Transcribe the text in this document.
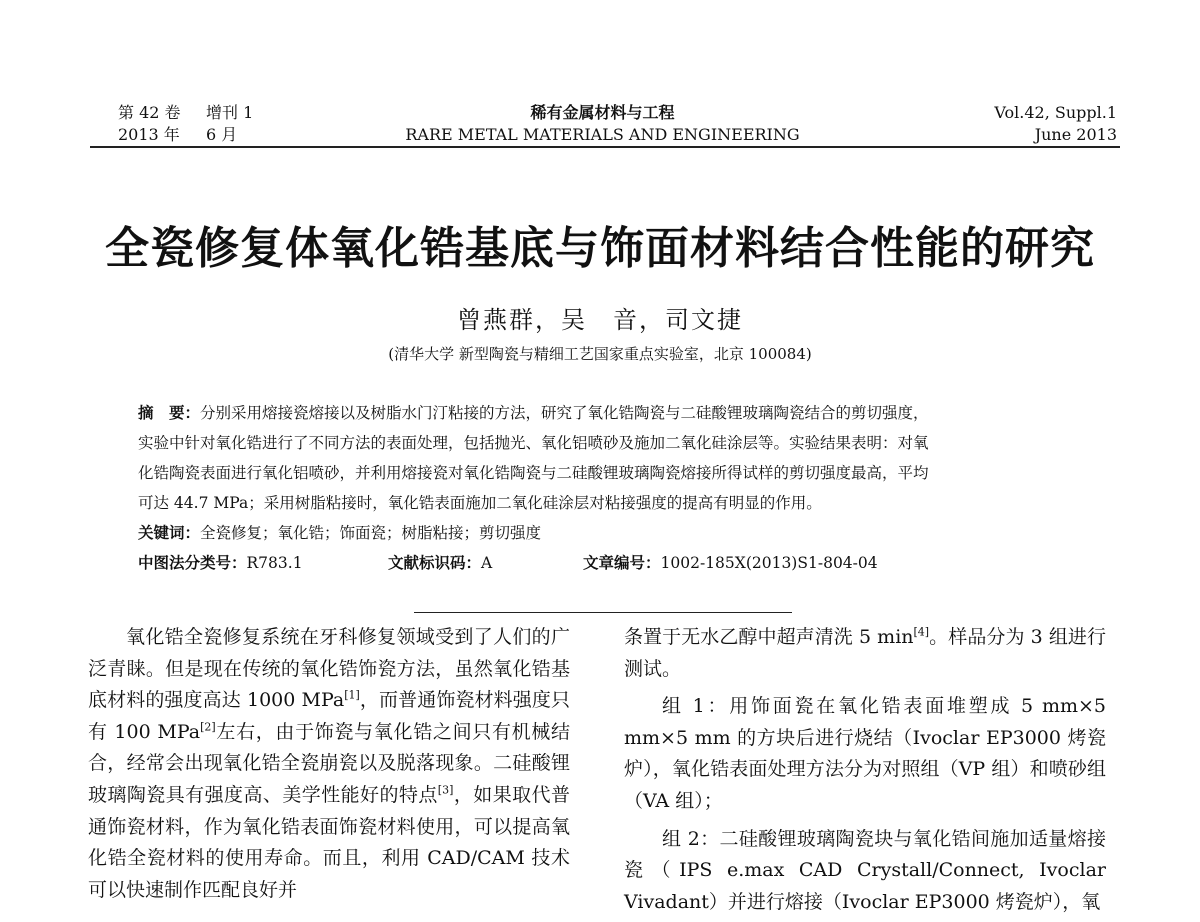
第 42 卷 增刊 1
2013 年 6 月
稀有金属材料与工程
RARE METAL MATERIALS AND ENGINEERING
Vol.42, Suppl.1
June 2013
全瓷修复体氧化锆基底与饰面材料结合性能的研究
曾燕群，吴　音，司文捷
(清华大学 新型陶瓷与精细工艺国家重点实验室，北京 100084)
摘　要：分别采用熔接瓷熔接以及树脂水门汀粘接的方法，研究了氧化锆陶瓷与二硅酸锂玻璃陶瓷结合的剪切强度，
实验中针对氧化锆进行了不同方法的表面处理，包括抛光、氧化铝喷砂及施加二氧化硅涂层等。实验结果表明：对氧
化锆陶瓷表面进行氧化铝喷砂，并利用熔接瓷对氧化锆陶瓷与二硅酸锂玻璃陶瓷熔接所得试样的剪切强度最高，平均
可达 44.7 MPa；采用树脂粘接时，氧化锆表面施加二氧化硅涂层对粘接强度的提高有明显的作用。
关键词：全瓷修复；氧化锆；饰面瓷；树脂粘接；剪切强度
中图法分类号：R783.1	文献标识码：A	文章编号：1002-185X(2013)S1-804-04

氧化锆全瓷修复系统在牙科修复领域受到了人们的广泛青睐。但是现在传统的氧化锆饰瓷方法，虽然氧化锆基底材料的强度高达 1000 MPa[1]，而普通饰瓷材料强度只有 100 MPa[2]左右，由于饰瓷与氧化锆之间只有机械结合，经常会出现氧化锆全瓷崩瓷以及脱落现象。二硅酸锂玻璃陶瓷具有强度高、美学性能好的特点[3]，如果取代普通饰瓷材料，作为氧化锆表面饰瓷材料使用，可以提高氧化锆全瓷材料的使用寿命。而且，利用 CAD/CAM 技术可以快速制作匹配良好并

条置于无水乙醇中超声清洗 5 min[4]。样品分为 3 组进行测试。

组 1：用饰面瓷在氧化锆表面堆塑成 5 mm×5 mm×5 mm 的方块后进行烧结（Ivoclar EP3000 烤瓷炉），氧化锆表面处理方法分为对照组（VP 组）和喷砂组（VA 组）；

组 2：二硅酸锂玻璃陶瓷块与氧化锆间施加适量熔接瓷（IPS e.max CAD Crystall/Connect, Ivoclar Vivadant）并进行熔接（Ivoclar EP3000 烤瓷炉），氧
